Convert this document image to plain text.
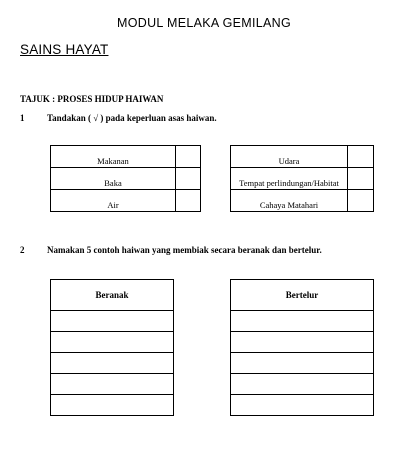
MODUL MELAKA GEMILANG
SAINS HAYAT
TAJUK : PROSES HIDUP HAIWAN
1	Tandakan ( √ ) pada keperluan asas haiwan.
Makanan	
Baka	
Air	
Udara	
Tempat perlindungan/Habitat	
Cahaya Matahari	
2	Namakan 5 contoh haiwan yang membiak secara beranak dan bertelur.
Beranak	Bertelur
